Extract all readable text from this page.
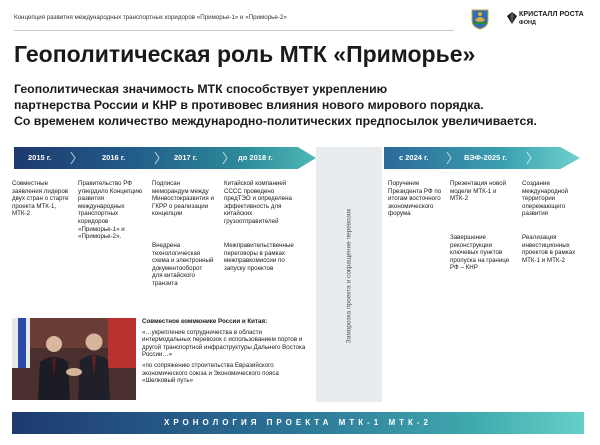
Концепция развития международных транспортных коридоров «Приморье-1» и «Приморье-2»	КРИСТАЛЛ РОСТА
ФОНД
Геополитическая роль МТК «Приморье»
Геополитическая значимость МТК способствует укреплению
партнерства России и КНР в противовес влияния нового мирового порядка.
Со временем количество международно-политических предпосылок увеличивается.
Заморозка проекта и сокращение перевозок
2015 г.	2016 г.	2017 г.	до 2018 г.	с 2024 г.	ВЭФ-2025 г.
Совместные заявления лидеров двух стран о старте проекта МТК-1, МТК-2
Правительство РФ утвердило Концепцию развития международных транспортных коридоров «Приморье-1» и «Приморье-2».
Подписан меморандум между Минвостокразвития и ГКРР о реализации концепции
Внедрена технологическая схема и электронный документооборот для китайского транзита
Китайской компанией CCCC проведено предТЭО и определена эффективность для китайских грузоотправителей
Межправительственные переговоры в рамках межправкомиссии по запуску проектов
Поручение Президента РФ по итогам восточного экономического форума
Презентация новой модели МТК-1 и МТК-2
Завершение реконструкции ключевых пунктов пропуска на границе РФ – КНР
Создание международной территории опережающего развития
Реализация инвестиционных проектов в рамках МТК-1 и МТК-2
Совместное коммюнике России и Китая:
«…укрепление сотрудничества в области интермодальных перевозок с использованием портов и другой транспортной инфраструктуры Дальнего Востока России…»
«по сопряжению строительства Евразийского экономического союза и Экономического пояса «Шелковый путь»
ХРОНОЛОГИЯ ПРОЕКТА МТК-1 МТК-2
